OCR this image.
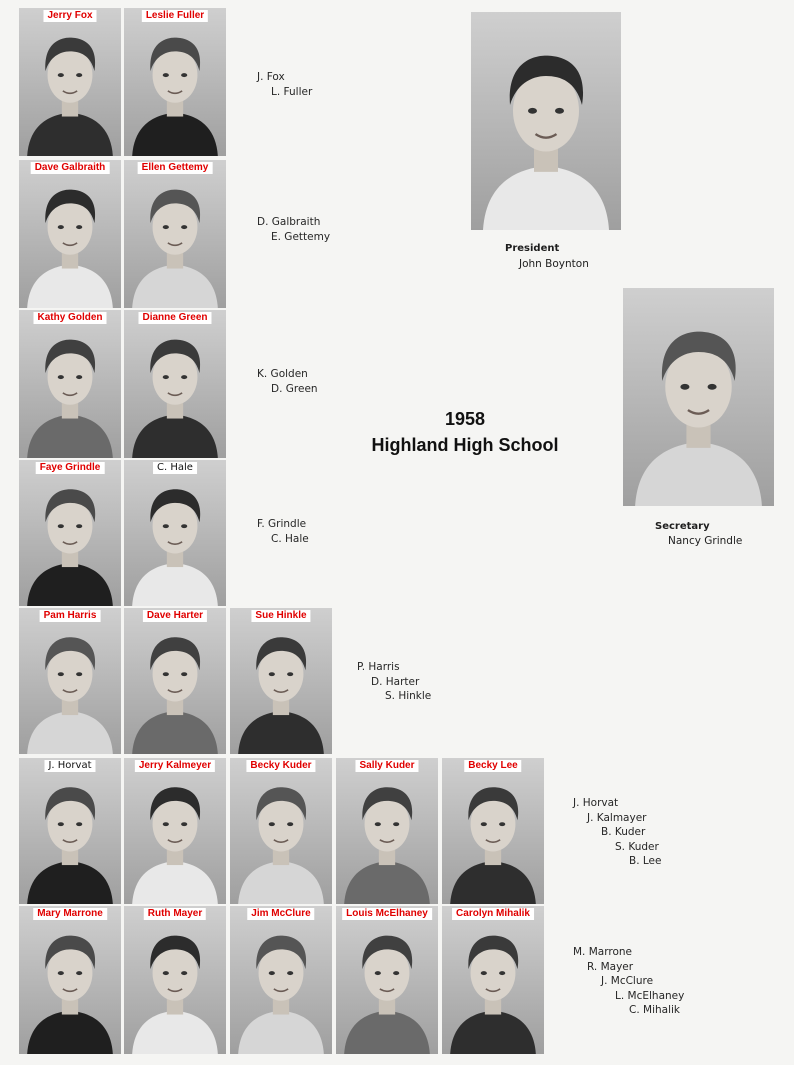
Jerry Fox	Leslie Fuller
J. Fox
L. Fuller
Dave Galbraith	Ellen Gettemy
D. Galbraith
E. Gettemy
Kathy Golden	Dianne Green
K. Golden
D. Green
Faye Grindle	C. Hale
F. Grindle
C. Hale
Pam Harris	Dave Harter	Sue Hinkle
P. Harris
D. Harter
S. Hinkle
J. Horvat	Jerry Kalmeyer	Becky Kuder	Sally Kuder	Becky Lee
J. Horvat
J. Kalmayer
B. Kuder
S. Kuder
B. Lee
Mary Marrone	Ruth Mayer	Jim McClure	Louis McElhaney	Carolyn Mihalik
M. Marrone
R. Mayer
J. McClure
L. McElhaney
C. Mihalik
President
John Boynton
Secretary
Nancy Grindle
1958
Highland High School
